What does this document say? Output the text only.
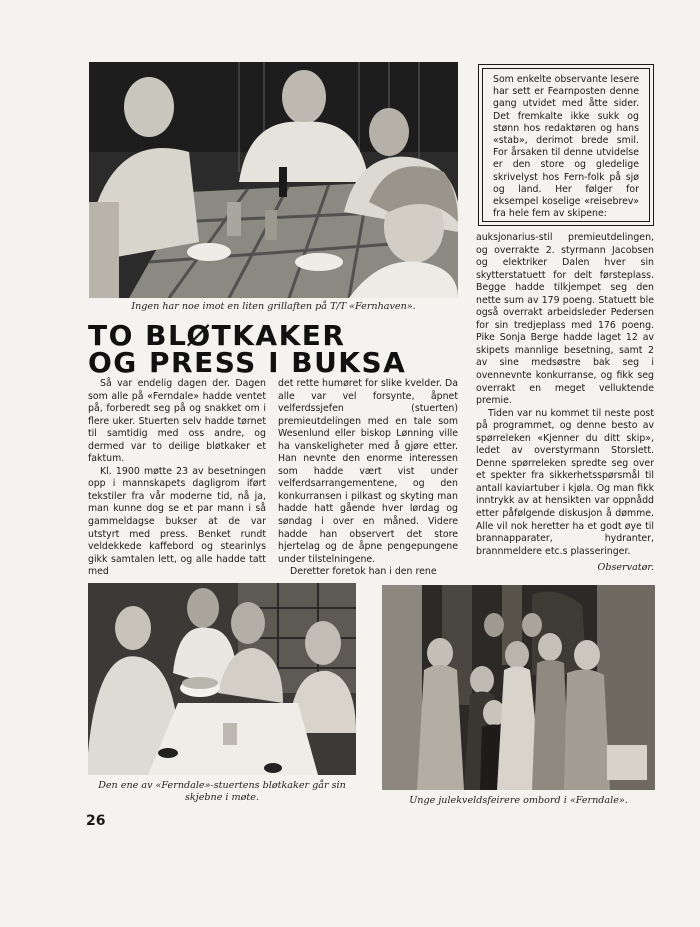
Ingen har noe imot en liten grillaften på T/T «Fernhaven».
Som enkelte observante lesere har sett er Fearnposten denne gang utvidet med åtte sider. Det fremkalte ikke sukk og stønn hos redaktøren og hans «stab», derimot brede smil. For årsaken til denne utvidelse er den store og gledelige skrivelyst hos Fern-folk på sjø og land. Her følger for eksempel koselige «reisebrev» fra hele fem av skipene:
TO BLØTKAKER
OG PRESS I BUKSA

Så var endelig dagen der. Dagen som alle på «Ferndale» hadde ventet på, forberedt seg på og snakket om i flere uker. Stuerten selv hadde tørnet til samtidig med oss andre, og dermed var to deilige bløtkaker et faktum.

Kl. 1900 møtte 23 av besetningen opp i mannskapets dagligrom iført tekstiler fra vår moderne tid, nå ja, man kunne dog se et par mann i så gammeldagse bukser at de var utstyrt med press. Benket rundt veldekkede kaffebord og stearinlys gikk samtalen lett, og alle hadde tatt med

det rette humøret for slike kvelder. Da alle var vel forsynte, åpnet velferdssjefen (stuerten) premieutdelingen med en tale som Wesenlund eller biskop Lønning ville ha vanskeligheter med å gjøre etter. Han nevnte den enorme interessen som hadde vært vist under velferdsarrangementene, og den konkurransen i pilkast og skyting man hadde hatt gående hver lørdag og søndag i over en måned. Videre hadde han observert det store hjertelag og de åpne pengepungene under tilstelningene.

Deretter foretok han i den rene

auksjonarius-stil premieutdelingen, og overrakte 2. styrmann Jacobsen og elektriker Dalen hver sin skytterstatuett for delt førsteplass. Begge hadde tilkjempet seg den nette sum av 179 poeng. Statuett ble også overrakt arbeidsleder Pedersen for sin tredjeplass med 176 poeng. Pike Sonja Berge hadde laget 12 av skipets mannlige besetning, samt 2 av sine medsøstre bak seg i ovennevnte konkurranse, og fikk seg overrakt en meget velluktende premie.

Tiden var nu kommet til neste post på programmet, og denne besto av spørreleken «Kjenner du ditt skip», ledet av overstyrmann Storslett. Denne spørreleken spredte seg over et spekter fra sikkerhetsspørsmål til antall kaviartuber i kjøla. Og man fikk inntrykk av at hensikten var oppnådd etter påfølgende diskusjon å dømme. Alle vil nok heretter ha et godt øye til brannapparater, hydranter, brannmeldere etc.s plasseringer.

Observatør.
Den ene av «Ferndale»-stuertens bløtkaker går sin skjebne i møte.	Unge julekveldsfeirere ombord i «Ferndale».
26
